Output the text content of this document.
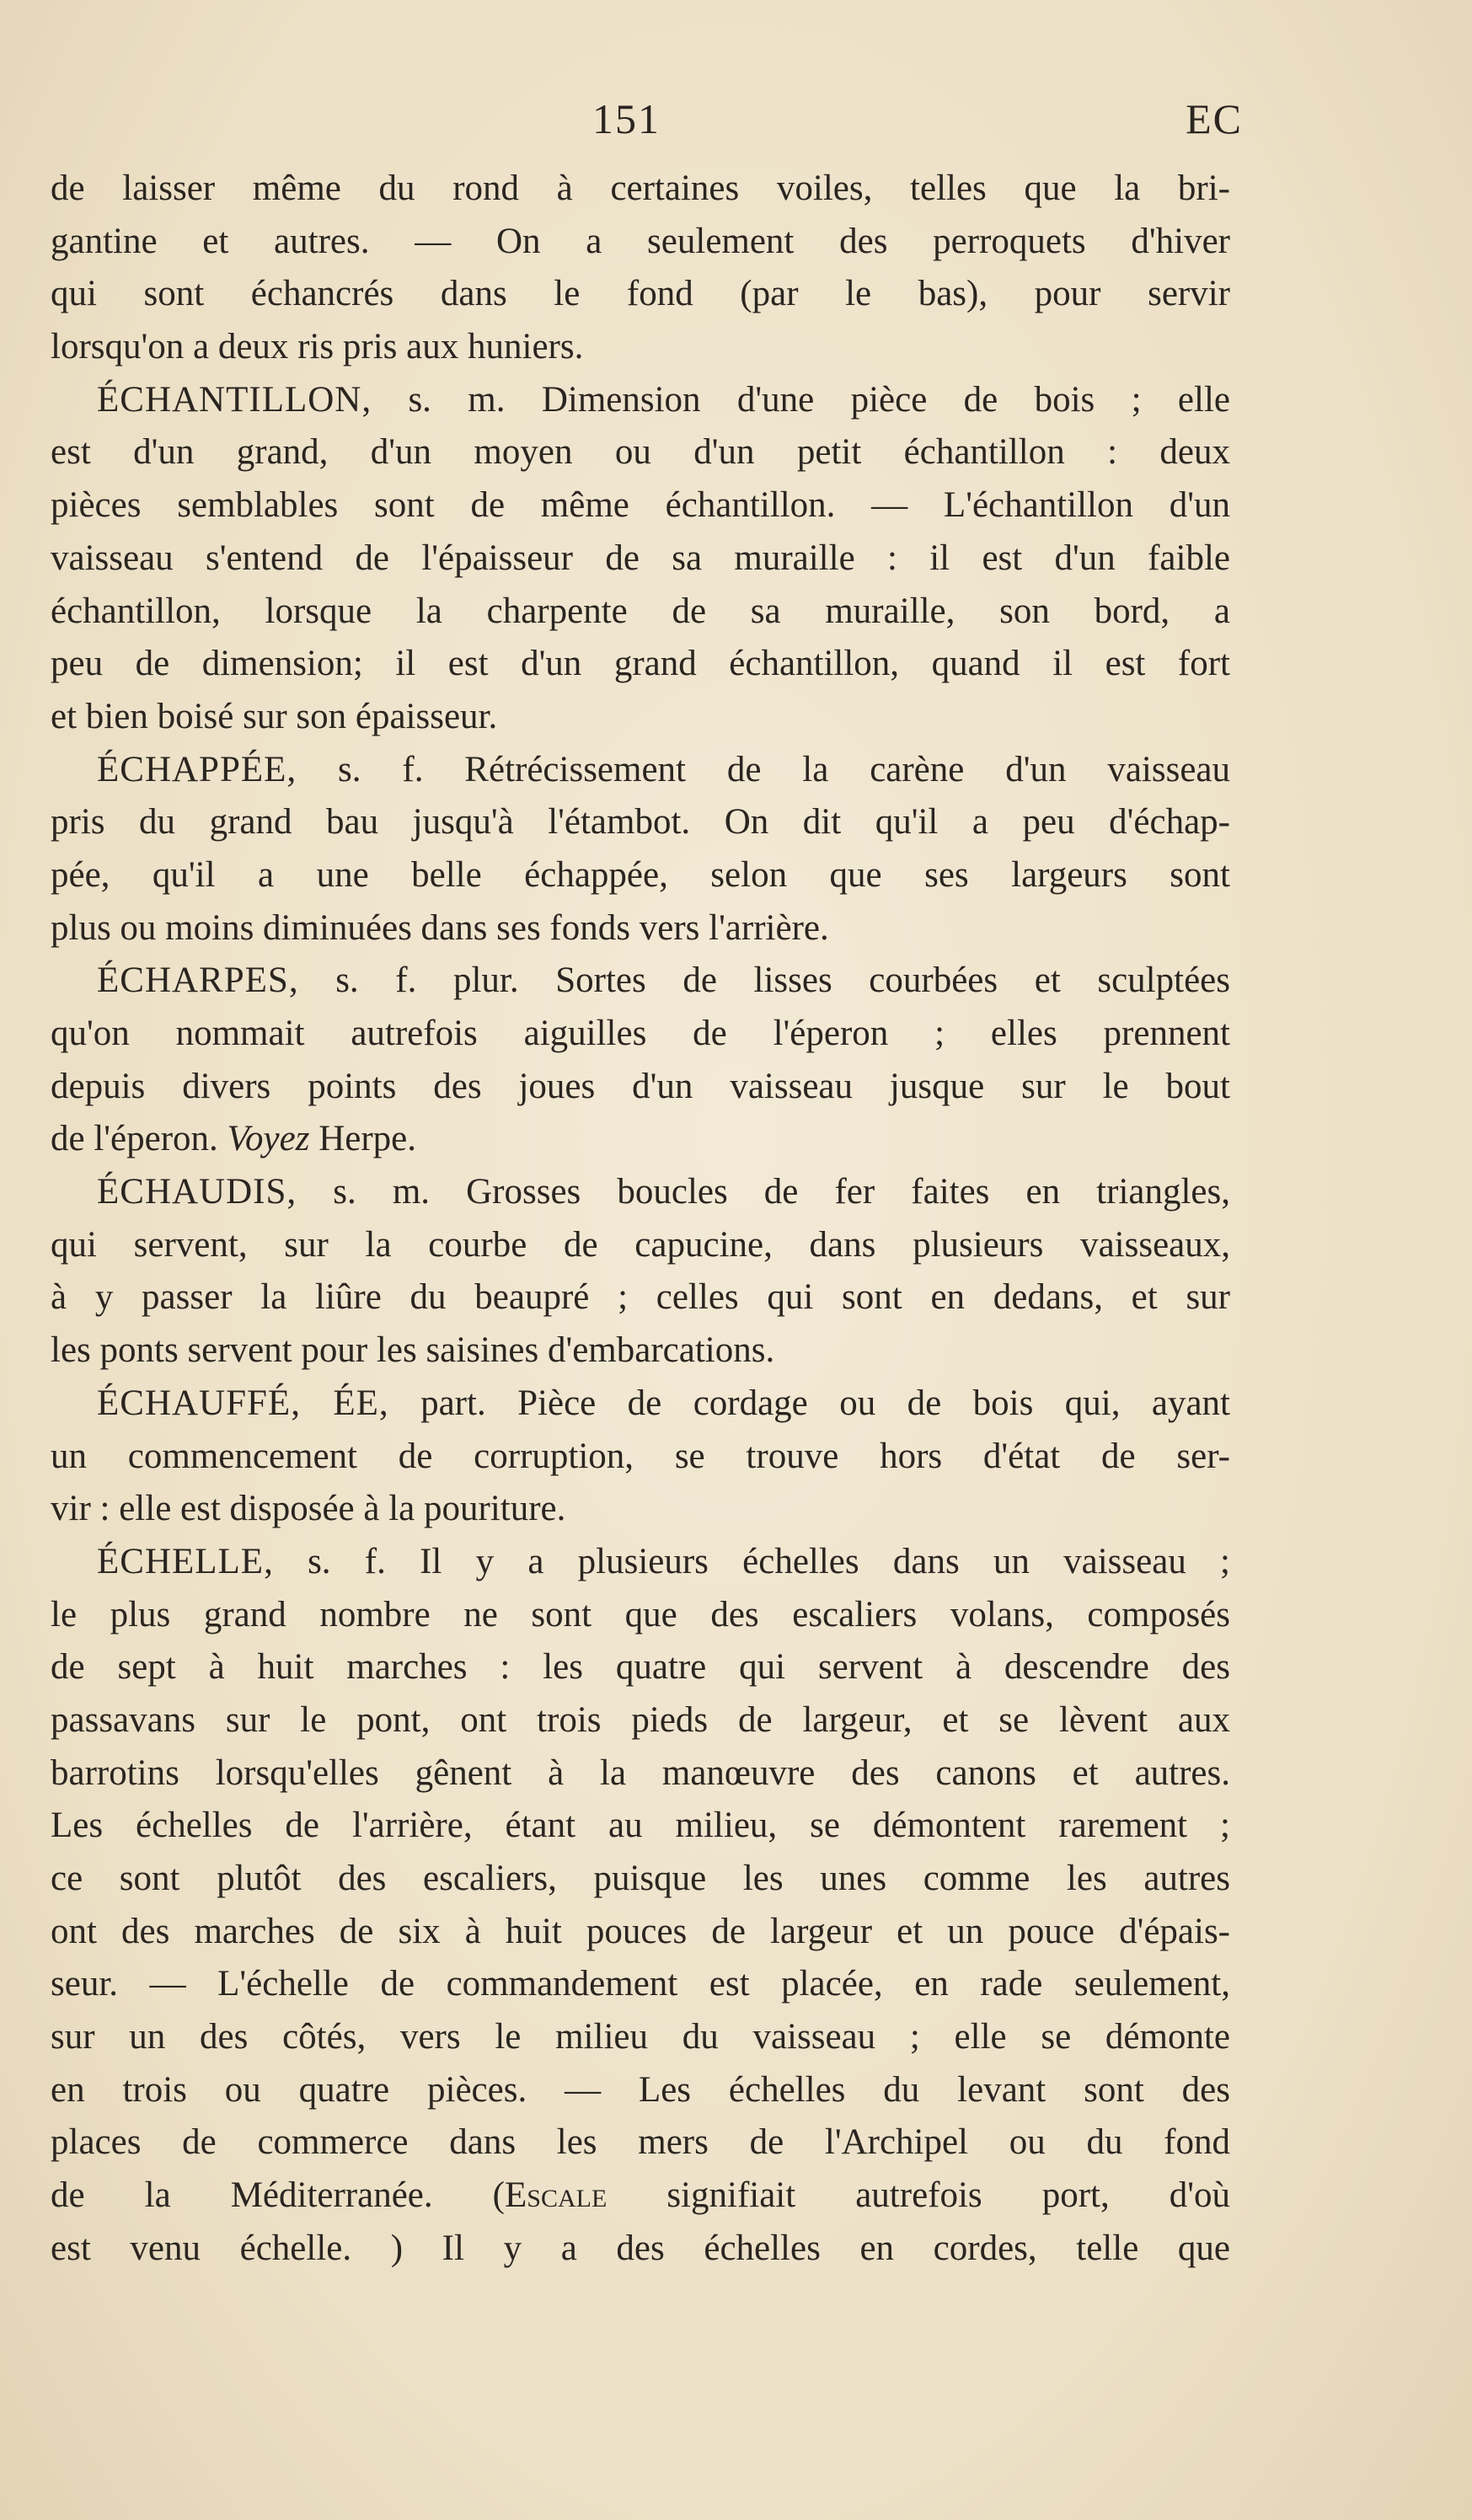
151	EC
de laisser même du rond à certaines voiles, telles que la bri-
gantine et autres. — On a seulement des perroquets d'hiver
qui sont échancrés dans le fond (par le bas), pour servir
lorsqu'on a deux ris pris aux huniers.
ÉCHANTILLON, s. m. Dimension d'une pièce de bois ; elle
est d'un grand, d'un moyen ou d'un petit échantillon : deux
pièces semblables sont de même échantillon. — L'échantillon d'un
vaisseau s'entend de l'épaisseur de sa muraille : il est d'un faible
échantillon, lorsque la charpente de sa muraille, son bord, a
peu de dimension; il est d'un grand échantillon, quand il est fort
et bien boisé sur son épaisseur.
ÉCHAPPÉE, s. f. Rétrécissement de la carène d'un vaisseau
pris du grand bau jusqu'à l'étambot. On dit qu'il a peu d'échap-
pée, qu'il a une belle échappée, selon que ses largeurs sont
plus ou moins diminuées dans ses fonds vers l'arrière.
ÉCHARPES, s. f. plur. Sortes de lisses courbées et sculptées
qu'on nommait autrefois aiguilles de l'éperon ; elles prennent
depuis divers points des joues d'un vaisseau jusque sur le bout
de l'éperon. Voyez Herpe.
ÉCHAUDIS, s. m. Grosses boucles de fer faites en triangles,
qui servent, sur la courbe de capucine, dans plusieurs vaisseaux,
à y passer la liûre du beaupré ; celles qui sont en dedans, et sur
les ponts servent pour les saisines d'embarcations.
ÉCHAUFFÉ, ÉE, part. Pièce de cordage ou de bois qui, ayant
un commencement de corruption, se trouve hors d'état de ser-
vir : elle est disposée à la pouriture.
ÉCHELLE, s. f. Il y a plusieurs échelles dans un vaisseau ;
le plus grand nombre ne sont que des escaliers volans, composés
de sept à huit marches : les quatre qui servent à descendre des
passavans sur le pont, ont trois pieds de largeur, et se lèvent aux
barrotins lorsqu'elles gênent à la manœuvre des canons et autres.
Les échelles de l'arrière, étant au milieu, se démontent rarement ;
ce sont plutôt des escaliers, puisque les unes comme les autres
ont des marches de six à huit pouces de largeur et un pouce d'épais-
seur. — L'échelle de commandement est placée, en rade seulement,
sur un des côtés, vers le milieu du vaisseau ; elle se démonte
en trois ou quatre pièces. — Les échelles du levant sont des
places de commerce dans les mers de l'Archipel ou du fond
de la Méditerranée. (Escale signifiait autrefois port, d'où
est venu échelle. ) Il y a des échelles en cordes, telle que
